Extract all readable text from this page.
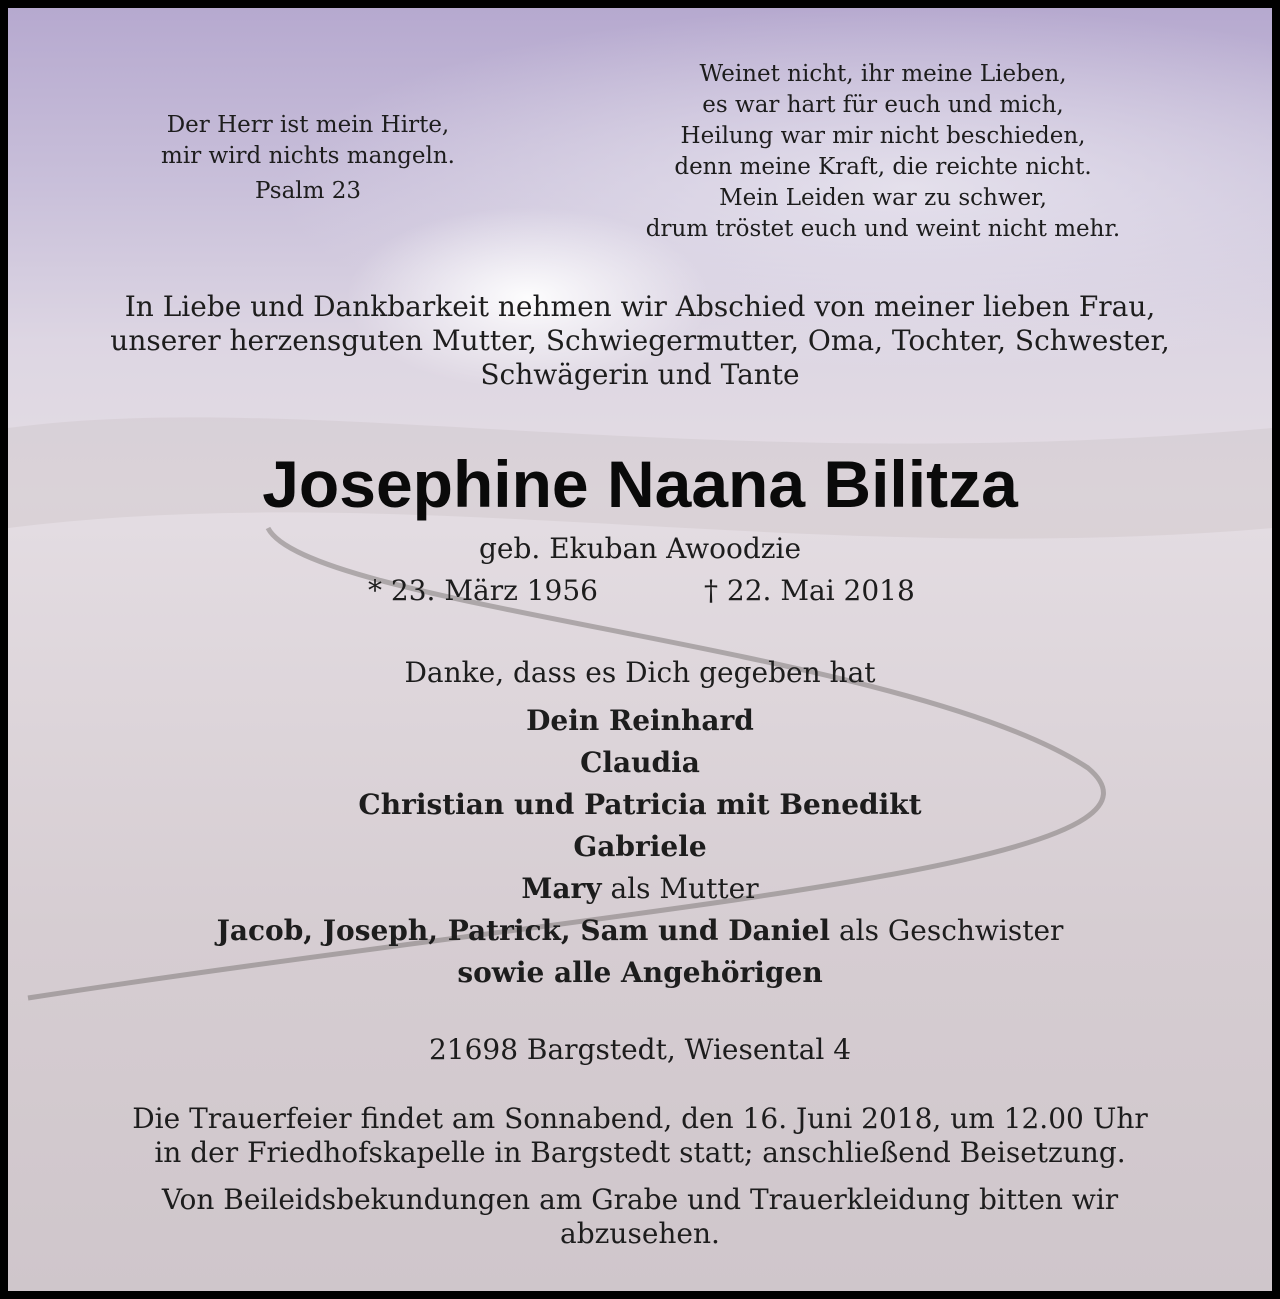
Der Herr ist mein Hirte,
mir wird nichts mangeln.
Psalm 23
Weinet nicht, ihr meine Lieben,
es war hart für euch und mich,
Heilung war mir nicht beschieden,
denn meine Kraft, die reichte nicht.
Mein Leiden war zu schwer,
drum tröstet euch und weint nicht mehr.
In Liebe und Dankbarkeit nehmen wir Abschied von meiner lieben Frau,
unserer herzensguten Mutter, Schwiegermutter, Oma, Tochter, Schwester,
Schwägerin und Tante
Josephine Naana Bilitza
geb. Ekuban Awoodzie
* 23. März 1956	† 22. Mai 2018
Danke, dass es Dich gegeben hat
Dein Reinhard
Claudia
Christian und Patricia mit Benedikt
Gabriele
Mary als Mutter
Jacob, Joseph, Patrick, Sam und Daniel als Geschwister
sowie alle Angehörigen
21698 Bargstedt, Wiesental 4
Die Trauerfeier findet am Sonnabend, den 16. Juni 2018, um 12.00 Uhr
in der Friedhofskapelle in Bargstedt statt; anschließend Beisetzung.
Von Beileidsbekundungen am Grabe und Trauerkleidung bitten wir
abzusehen.
